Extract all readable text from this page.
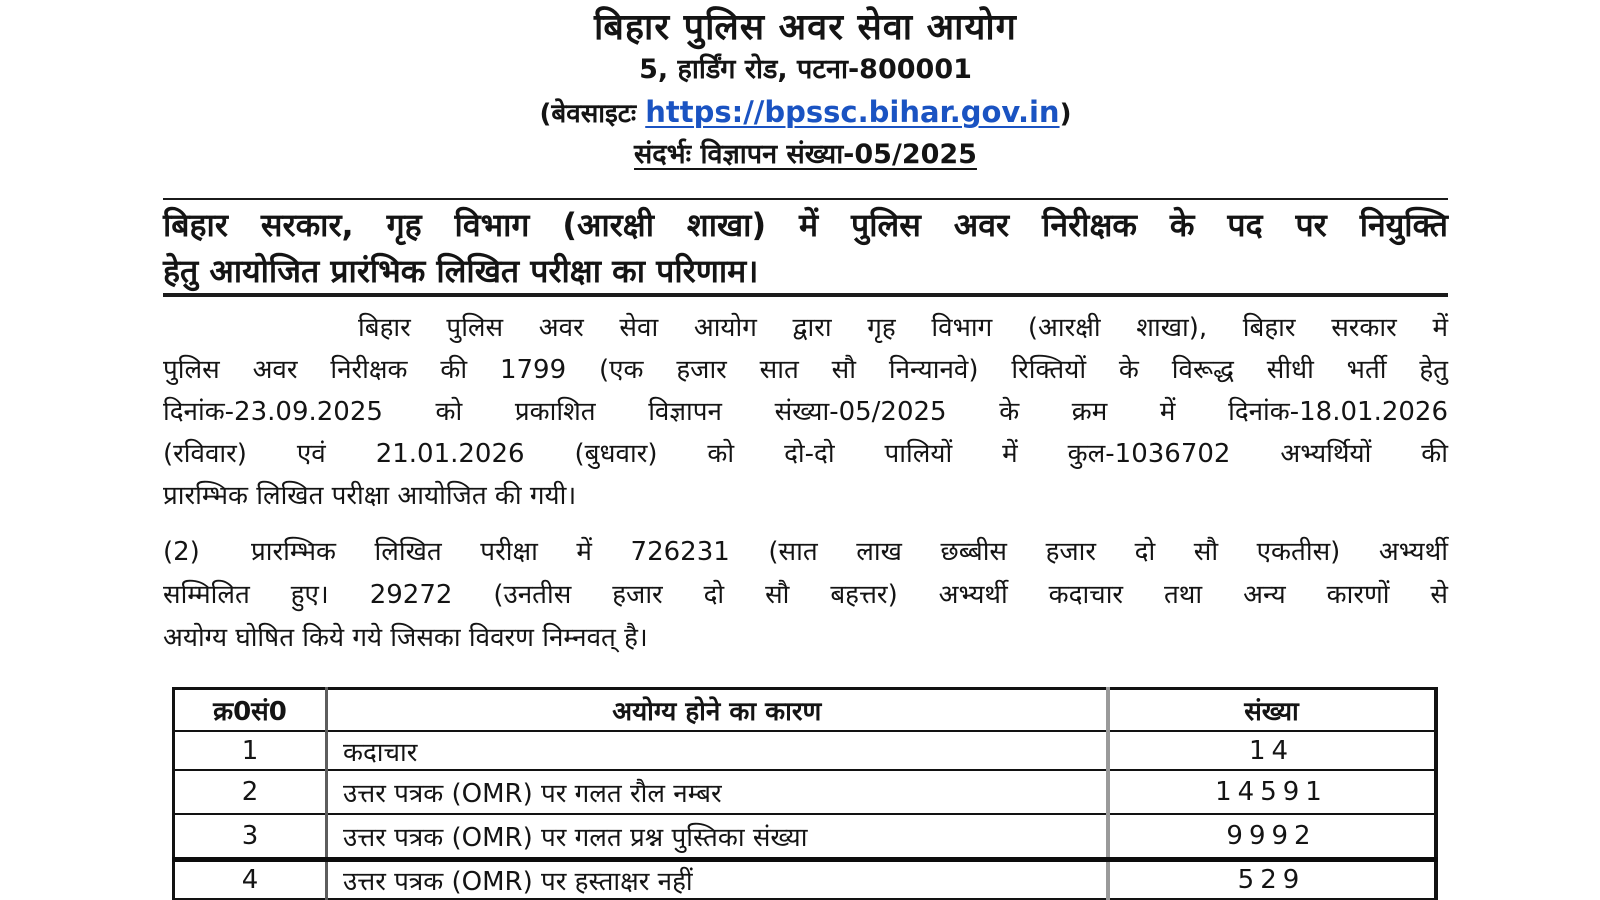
बिहार पुलिस अवर सेवा आयोग
5, हार्डिंग रोड, पटना-800001
(बेवसाइटः https://bpssc.bihar.gov.in)
संदर्भः विज्ञापन संख्या-05/2025
बिहार सरकार, गृह विभाग (आरक्षी शाखा) में पुलिस अवर निरीक्षक के पद पर नियुक्ति
हेतु आयोजित प्रारंभिक लिखित परीक्षा का परिणाम।
बिहार पुलिस अवर सेवा आयोग द्वारा गृह विभाग (आरक्षी शाखा), बिहार सरकार में
पुलिस अवर निरीक्षक की 1799 (एक हजार सात सौ निन्यानवे) रिक्तियों के विरूद्ध सीधी भर्ती हेतु
दिनांक-23.09.2025 को प्रकाशित विज्ञापन संख्या-05/2025 के क्रम में दिनांक-18.01.2026
(रविवार) एवं 21.01.2026 (बुधवार) को दो-दो पालियों में कुल-1036702 अभ्यर्थियों की
प्रारम्भिक लिखित परीक्षा आयोजित की गयी।
(2)	प्रारम्भिक लिखित परीक्षा में 726231 (सात लाख छब्बीस हजार दो सौ एकतीस) अभ्यर्थी
सम्मिलित हुए। 29272 (उनतीस हजार दो सौ बहत्तर) अभ्यर्थी कदाचार तथा अन्य कारणों से
अयोग्य घोषित किये गये जिसका विवरण निम्नवत् है।
क्र0सं0	अयोग्य होने का कारण	संख्या
1	कदाचार	14
2	उत्तर पत्रक (OMR) पर गलत रौल नम्बर	14591
3	उत्तर पत्रक (OMR) पर गलत प्रश्न पुस्तिका संख्या	9992
4	उत्तर पत्रक (OMR) पर हस्ताक्षर नहीं	529
